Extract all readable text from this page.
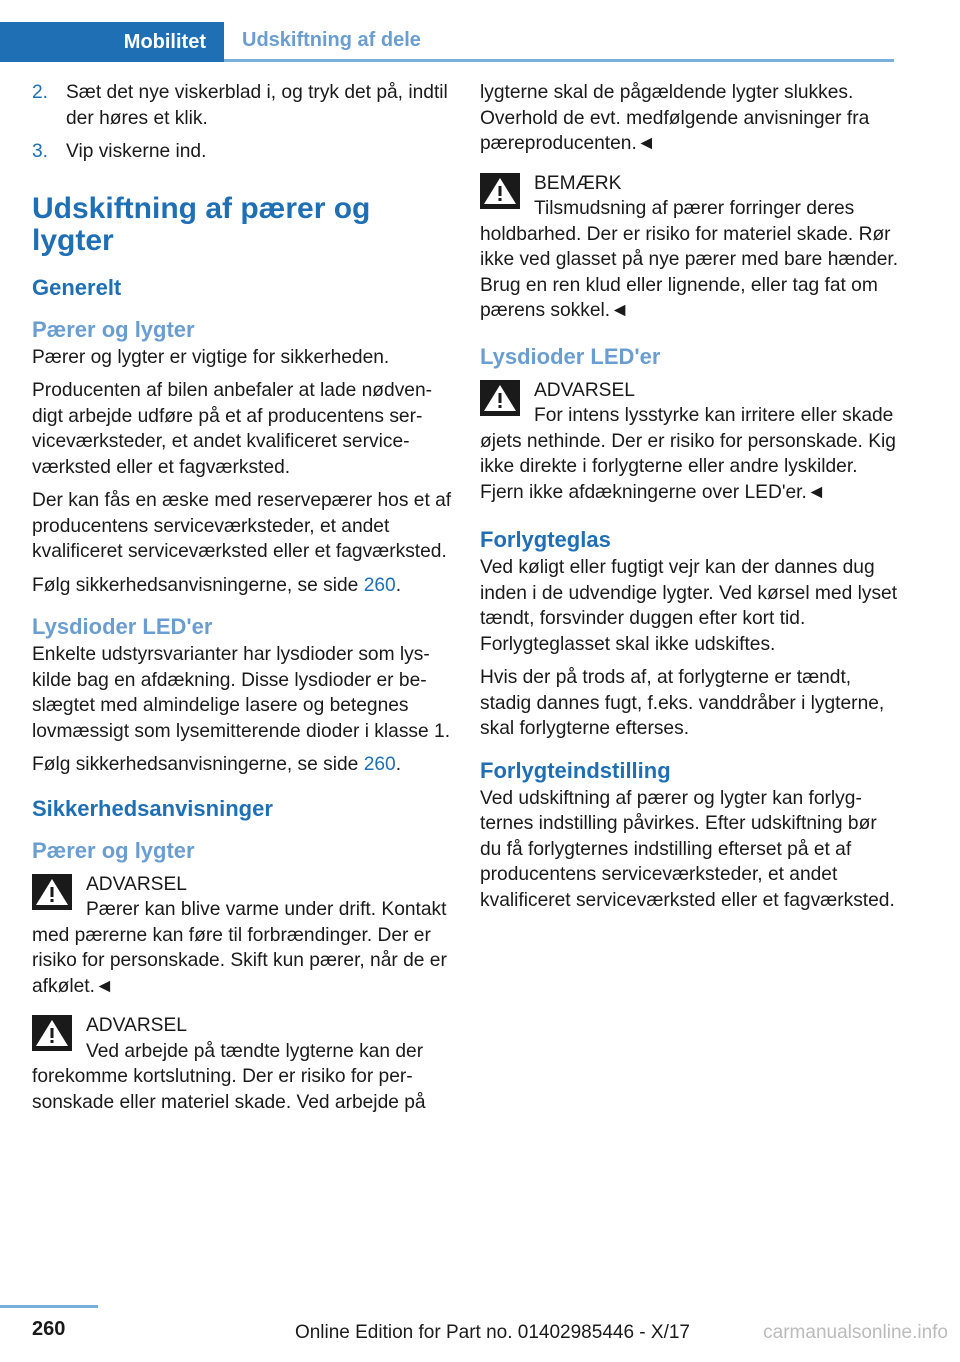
Mobilitet	Udskiftning af dele
2. Sæt det nye viskerblad i, og tryk det på, indtil der høres et klik.
3. Vip viskerne ind.
Udskiftning af pærer og lygter
Generelt
Pærer og lygter

Pærer og lygter er vigtige for sikkerheden.

Producenten af bilen anbefaler at lade nødvendigt arbejde udføre på et af producentens serviceværksteder, et andet kvalificeret serviceværksted eller et fagværksted.

Der kan fås en æske med reservepærer hos et af producentens serviceværksteder, et andet kvalificeret serviceværksted eller et fagværksted.

Følg sikkerhedsanvisningerne, se side 260.

Lysdioder LED'er

Enkelte udstyrsvarianter har lysdioder som lyskilde bag en afdækning. Disse lysdioder er beslægtet med almindelige lasere og betegnes lovmæssigt som lysemitterende dioder i klasse 1.

Følg sikkerhedsanvisningerne, se side 260.

Sikkerhedsanvisninger
Pærer og lygter
ADVARSEL
Pærer kan blive varme under drift. Kontakt med pærerne kan føre til forbrændinger. Der er risiko for personskade. Skift kun pærer, når de er afkølet.◄
ADVARSEL
Ved arbejde på tændte lygterne kan der forekomme kortslutning. Der er risiko for personskade eller materiel skade. Ved arbejde på

lygterne skal de pågældende lygter slukkes. Overhold de evt. medfølgende anvisninger fra pæreproducenten.◄

BEMÆRK
Tilsmudsning af pærer forringer deres holdbarhed. Der er risiko for materiel skade. Rør ikke ved glasset på nye pærer med bare hænder. Brug en ren klud eller lignende, eller tag fat om pærens sokkel.◄
Lysdioder LED'er
ADVARSEL
For intens lysstyrke kan irritere eller skade øjets nethinde. Der er risiko for personskade. Kig ikke direkte i forlygterne eller andre lyskilder. Fjern ikke afdækningerne over LED'er.◄
Forlygteglas

Ved køligt eller fugtigt vejr kan der dannes dug inden i de udvendige lygter. Ved kørsel med lyset tændt, forsvinder duggen efter kort tid. Forlygteglasset skal ikke udskiftes.

Hvis der på trods af, at forlygterne er tændt, stadig dannes fugt, f.eks. vanddråber i lygterne, skal forlygterne efterses.

Forlygteindstilling

Ved udskiftning af pærer og lygter kan forlygternes indstilling påvirkes. Efter udskiftning bør du få forlygternes indstilling efterset på et af producentens serviceværksteder, et andet kvalificeret serviceværksted eller et fagværksted.

260	Online Edition for Part no. 01402985446 - X/17	carmanualsonline.info
